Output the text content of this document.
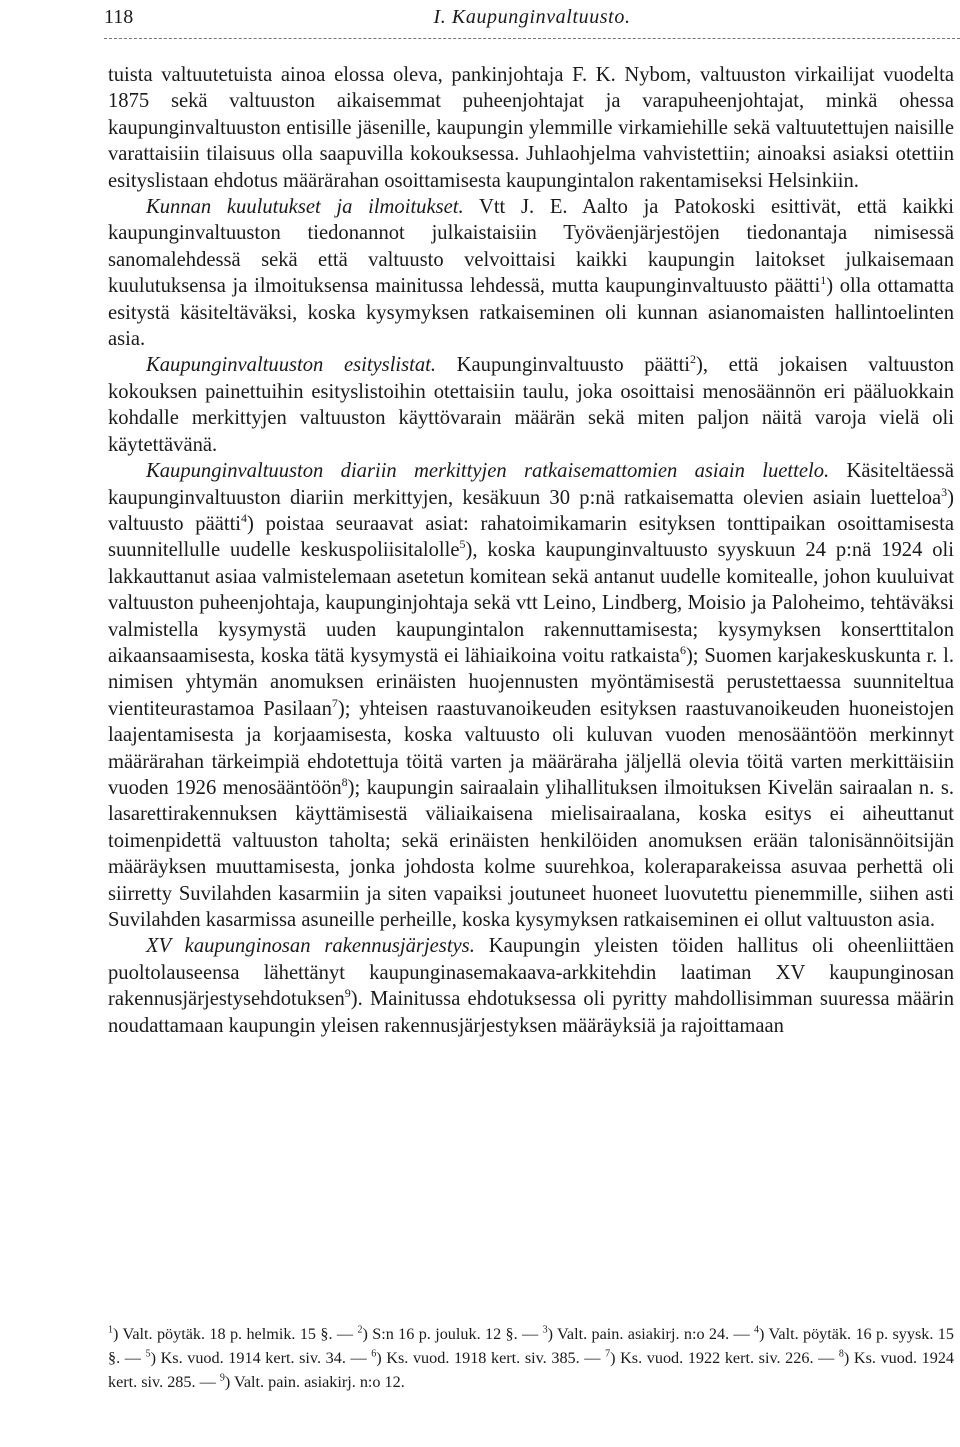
118	I. Kaupunginvaltuusto.

tuista valtuutetuista ainoa elossa oleva, pankinjohtaja F. K. Nybom, valtuuston virkailijat vuodelta 1875 sekä valtuuston aikaisemmat puheenjohtajat ja varapuheenjohtajat, minkä ohessa kaupunginvaltuuston entisille jäsenille, kaupungin ylemmille virkamiehille sekä valtuutettujen naisille varattaisiin tilaisuus olla saapuvilla kokouksessa. Juhlaohjelma vahvistettiin; ainoaksi asiaksi otettiin esityslistaan ehdotus määrärahan osoittamisesta kaupungintalon rakentamiseksi Helsinkiin.

Kunnan kuulutukset ja ilmoitukset. Vtt J. E. Aalto ja Patokoski esittivät, että kaikki kaupunginvaltuuston tiedonannot julkaistaisiin Työväenjärjestöjen tiedonantaja nimisessä sanomalehdessä sekä että valtuusto velvoittaisi kaikki kaupungin laitokset julkaisemaan kuulutuksensa ja ilmoituksensa mainitussa lehdessä, mutta kaupunginvaltuusto päätti$^1$) olla ottamatta esitystä käsiteltäväksi, koska kysymyksen ratkaiseminen oli kunnan asianomaisten hallintoelinten asia.

Kaupunginvaltuuston esityslistat. Kaupunginvaltuusto päätti$^2$), että jokaisen valtuuston kokouksen painettuihin esityslistoihin otettaisiin taulu, joka osoittaisi menosäännön eri pääluokkain kohdalle merkittyjen valtuuston käyttövarain määrän sekä miten paljon näitä varoja vielä oli käytettävänä.

Kaupunginvaltuuston diariin merkittyjen ratkaisemattomien asiain luettelo. Käsiteltäessä kaupunginvaltuuston diariin merkittyjen, kesäkuun 30 p:nä ratkaisematta olevien asiain luetteloa$^3$) valtuusto päätti$^4$) poistaa seuraavat asiat: rahatoimikamarin esityksen tonttipaikan osoittamisesta suunnitellulle uudelle keskuspoliisitalolle$^5$), koska kaupunginvaltuusto syyskuun 24 p:nä 1924 oli lakkauttanut asiaa valmistelemaan asetetun komitean sekä antanut uudelle komitealle, johon kuuluivat valtuuston puheenjohtaja, kaupunginjohtaja sekä vtt Leino, Lindberg, Moisio ja Paloheimo, tehtäväksi valmistella kysymystä uuden kaupungintalon rakennuttamisesta; kysymyksen konserttitalon aikaansaamisesta, koska tätä kysymystä ei lähiaikoina voitu ratkaista$^6$); Suomen karjakeskuskunta r. l. nimisen yhtymän anomuksen erinäisten huojennusten myöntämisestä perustettaessa suunniteltua vientiteurastamoa Pasilaan$^7$); yhteisen raastuvanoikeuden esityksen raastuvanoikeuden huoneistojen laajentamisesta ja korjaamisesta, koska valtuusto oli kuluvan vuoden menosääntöön merkinnyt määrärahan tärkeimpiä ehdotettuja töitä varten ja määräraha jäljellä olevia töitä varten merkittäisiin vuoden 1926 menosääntöön$^8$); kaupungin sairaalain ylihallituksen ilmoituksen Kivelän sairaalan n. s. lasarettirakennuksen käyttämisestä väliaikaisena mielisairaalana, koska esitys ei aiheuttanut toimenpidettä valtuuston taholta; sekä erinäisten henkilöiden anomuksen erään talonisännöitsijän määräyksen muuttamisesta, jonka johdosta kolme suurehkoa, koleraparakeissa asuvaa perhettä oli siirretty Suvilahden kasarmiin ja siten vapaiksi joutuneet huoneet luovutettu pienemmille, siihen asti Suvilahden kasarmissa asuneille perheille, koska kysymyksen ratkaiseminen ei ollut valtuuston asia.

XV kaupunginosan rakennusjärjestys. Kaupungin yleisten töiden hallitus oli oheenliittäen puoltolauseensa lähettänyt kaupunginasemakaava-arkkitehdin laatiman XV kaupunginosan rakennusjärjestysehdotuksen$^9$). Mainitussa ehdotuksessa oli pyritty mahdollisimman suuressa määrin noudattamaan kaupungin yleisen rakennusjärjestyksen määräyksiä ja rajoittamaan

$^1$) Valt. pöytäk. 18 p. helmik. 15 §. — $^2$) S:n 16 p. jouluk. 12 §. — $^3$) Valt. pain. asiakirj. n:o 24. — $^4$) Valt. pöytäk. 16 p. syysk. 15 §. — $^5$) Ks. vuod. 1914 kert. siv. 34. — $^6$) Ks. vuod. 1918 kert. siv. 385. — $^7$) Ks. vuod. 1922 kert. siv. 226. — $^8$) Ks. vuod. 1924 kert. siv. 285. — $^9$) Valt. pain. asiakirj. n:o 12.
